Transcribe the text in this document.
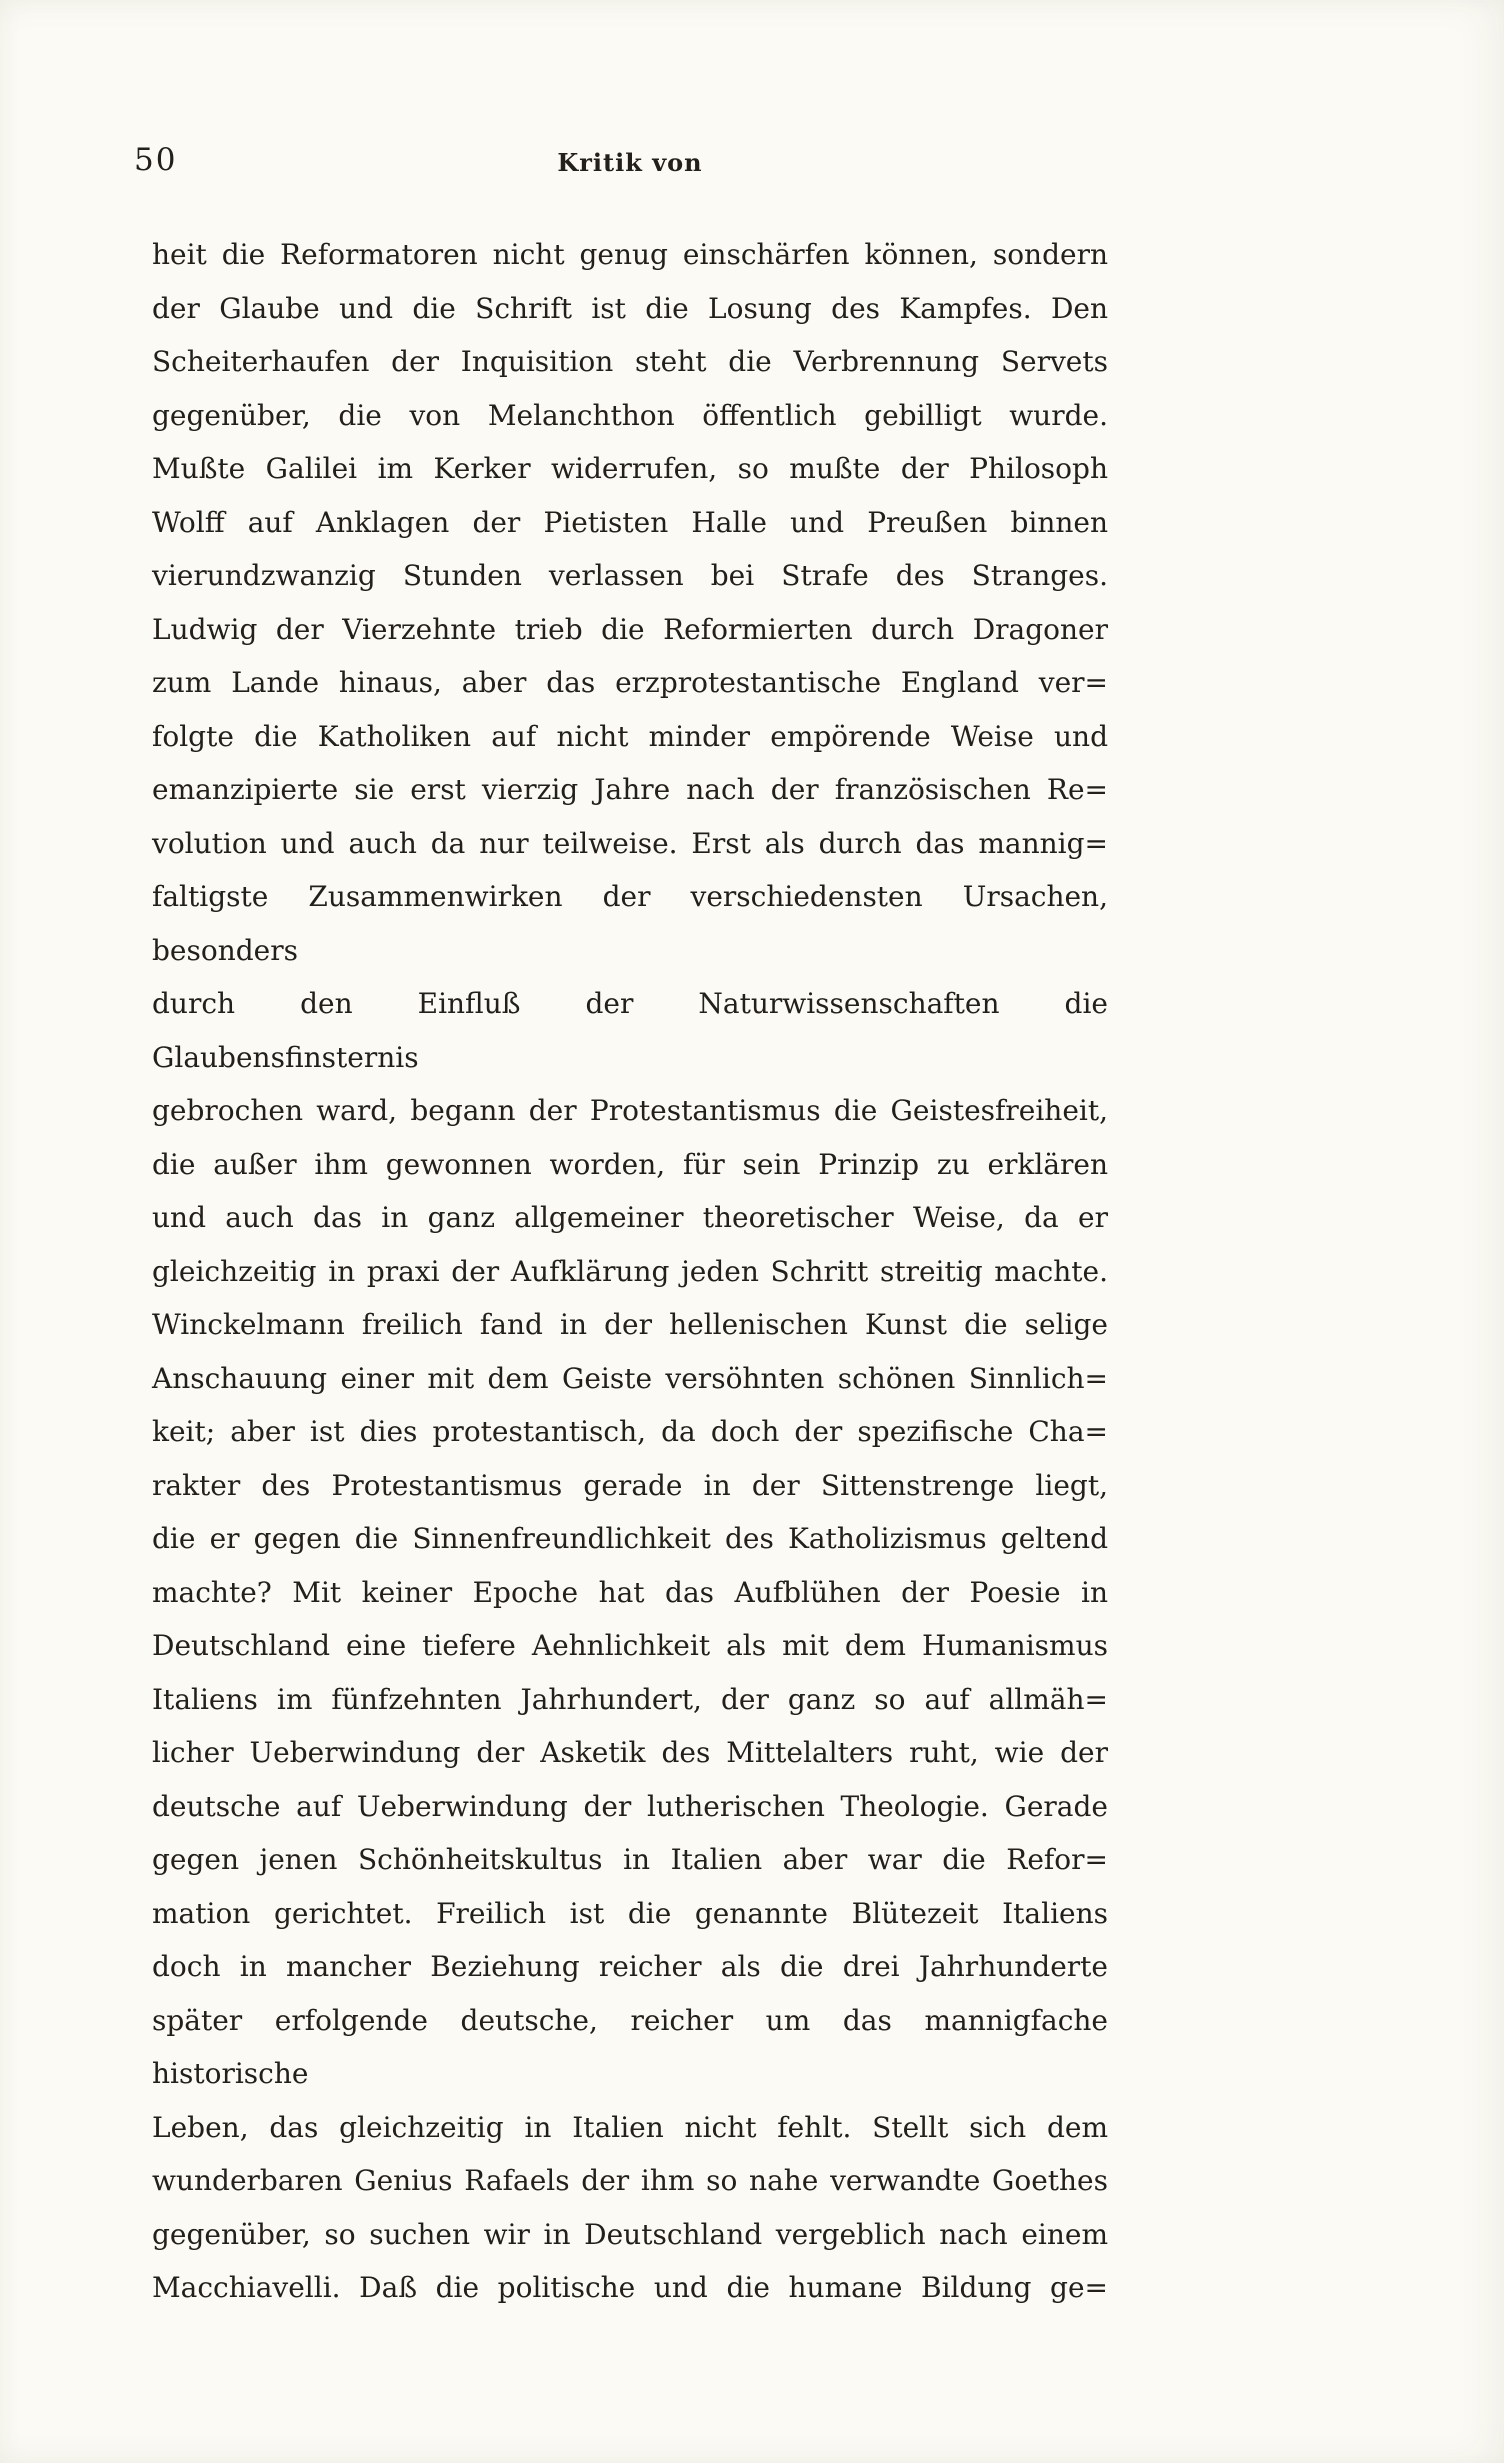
50	Kritik von
heit die Reformatoren nicht genug einschärfen können, sondern
der Glaube und die Schrift ist die Losung des Kampfes. Den
Scheiterhaufen der Inquisition steht die Verbrennung Servets
gegenüber, die von Melanchthon öffentlich gebilligt wurde.
Mußte Galilei im Kerker widerrufen, so mußte der Philosoph
Wolff auf Anklagen der Pietisten Halle und Preußen binnen
vierundzwanzig Stunden verlassen bei Strafe des Stranges.
Ludwig der Vierzehnte trieb die Reformierten durch Dragoner
zum Lande hinaus, aber das erzprotestantische England ver=
folgte die Katholiken auf nicht minder empörende Weise und
emanzipierte sie erst vierzig Jahre nach der französischen Re=
volution und auch da nur teilweise. Erst als durch das mannig=
faltigste Zusammenwirken der verschiedensten Ursachen, besonders
durch den Einfluß der Naturwissenschaften die Glaubensfinsternis
gebrochen ward, begann der Protestantismus die Geistesfreiheit,
die außer ihm gewonnen worden, für sein Prinzip zu erklären
und auch das in ganz allgemeiner theoretischer Weise, da er
gleichzeitig in praxi der Aufklärung jeden Schritt streitig machte.
Winckelmann freilich fand in der hellenischen Kunst die selige
Anschauung einer mit dem Geiste versöhnten schönen Sinnlich=
keit; aber ist dies protestantisch, da doch der spezifische Cha=
rakter des Protestantismus gerade in der Sittenstrenge liegt,
die er gegen die Sinnenfreundlichkeit des Katholizismus geltend
machte? Mit keiner Epoche hat das Aufblühen der Poesie in
Deutschland eine tiefere Aehnlichkeit als mit dem Humanismus
Italiens im fünfzehnten Jahrhundert, der ganz so auf allmäh=
licher Ueberwindung der Asketik des Mittelalters ruht, wie der
deutsche auf Ueberwindung der lutherischen Theologie. Gerade
gegen jenen Schönheitskultus in Italien aber war die Refor=
mation gerichtet. Freilich ist die genannte Blütezeit Italiens
doch in mancher Beziehung reicher als die drei Jahrhunderte
später erfolgende deutsche, reicher um das mannigfache historische
Leben, das gleichzeitig in Italien nicht fehlt. Stellt sich dem
wunderbaren Genius Rafaels der ihm so nahe verwandte Goethes
gegenüber, so suchen wir in Deutschland vergeblich nach einem
Macchiavelli. Daß die politische und die humane Bildung ge=
